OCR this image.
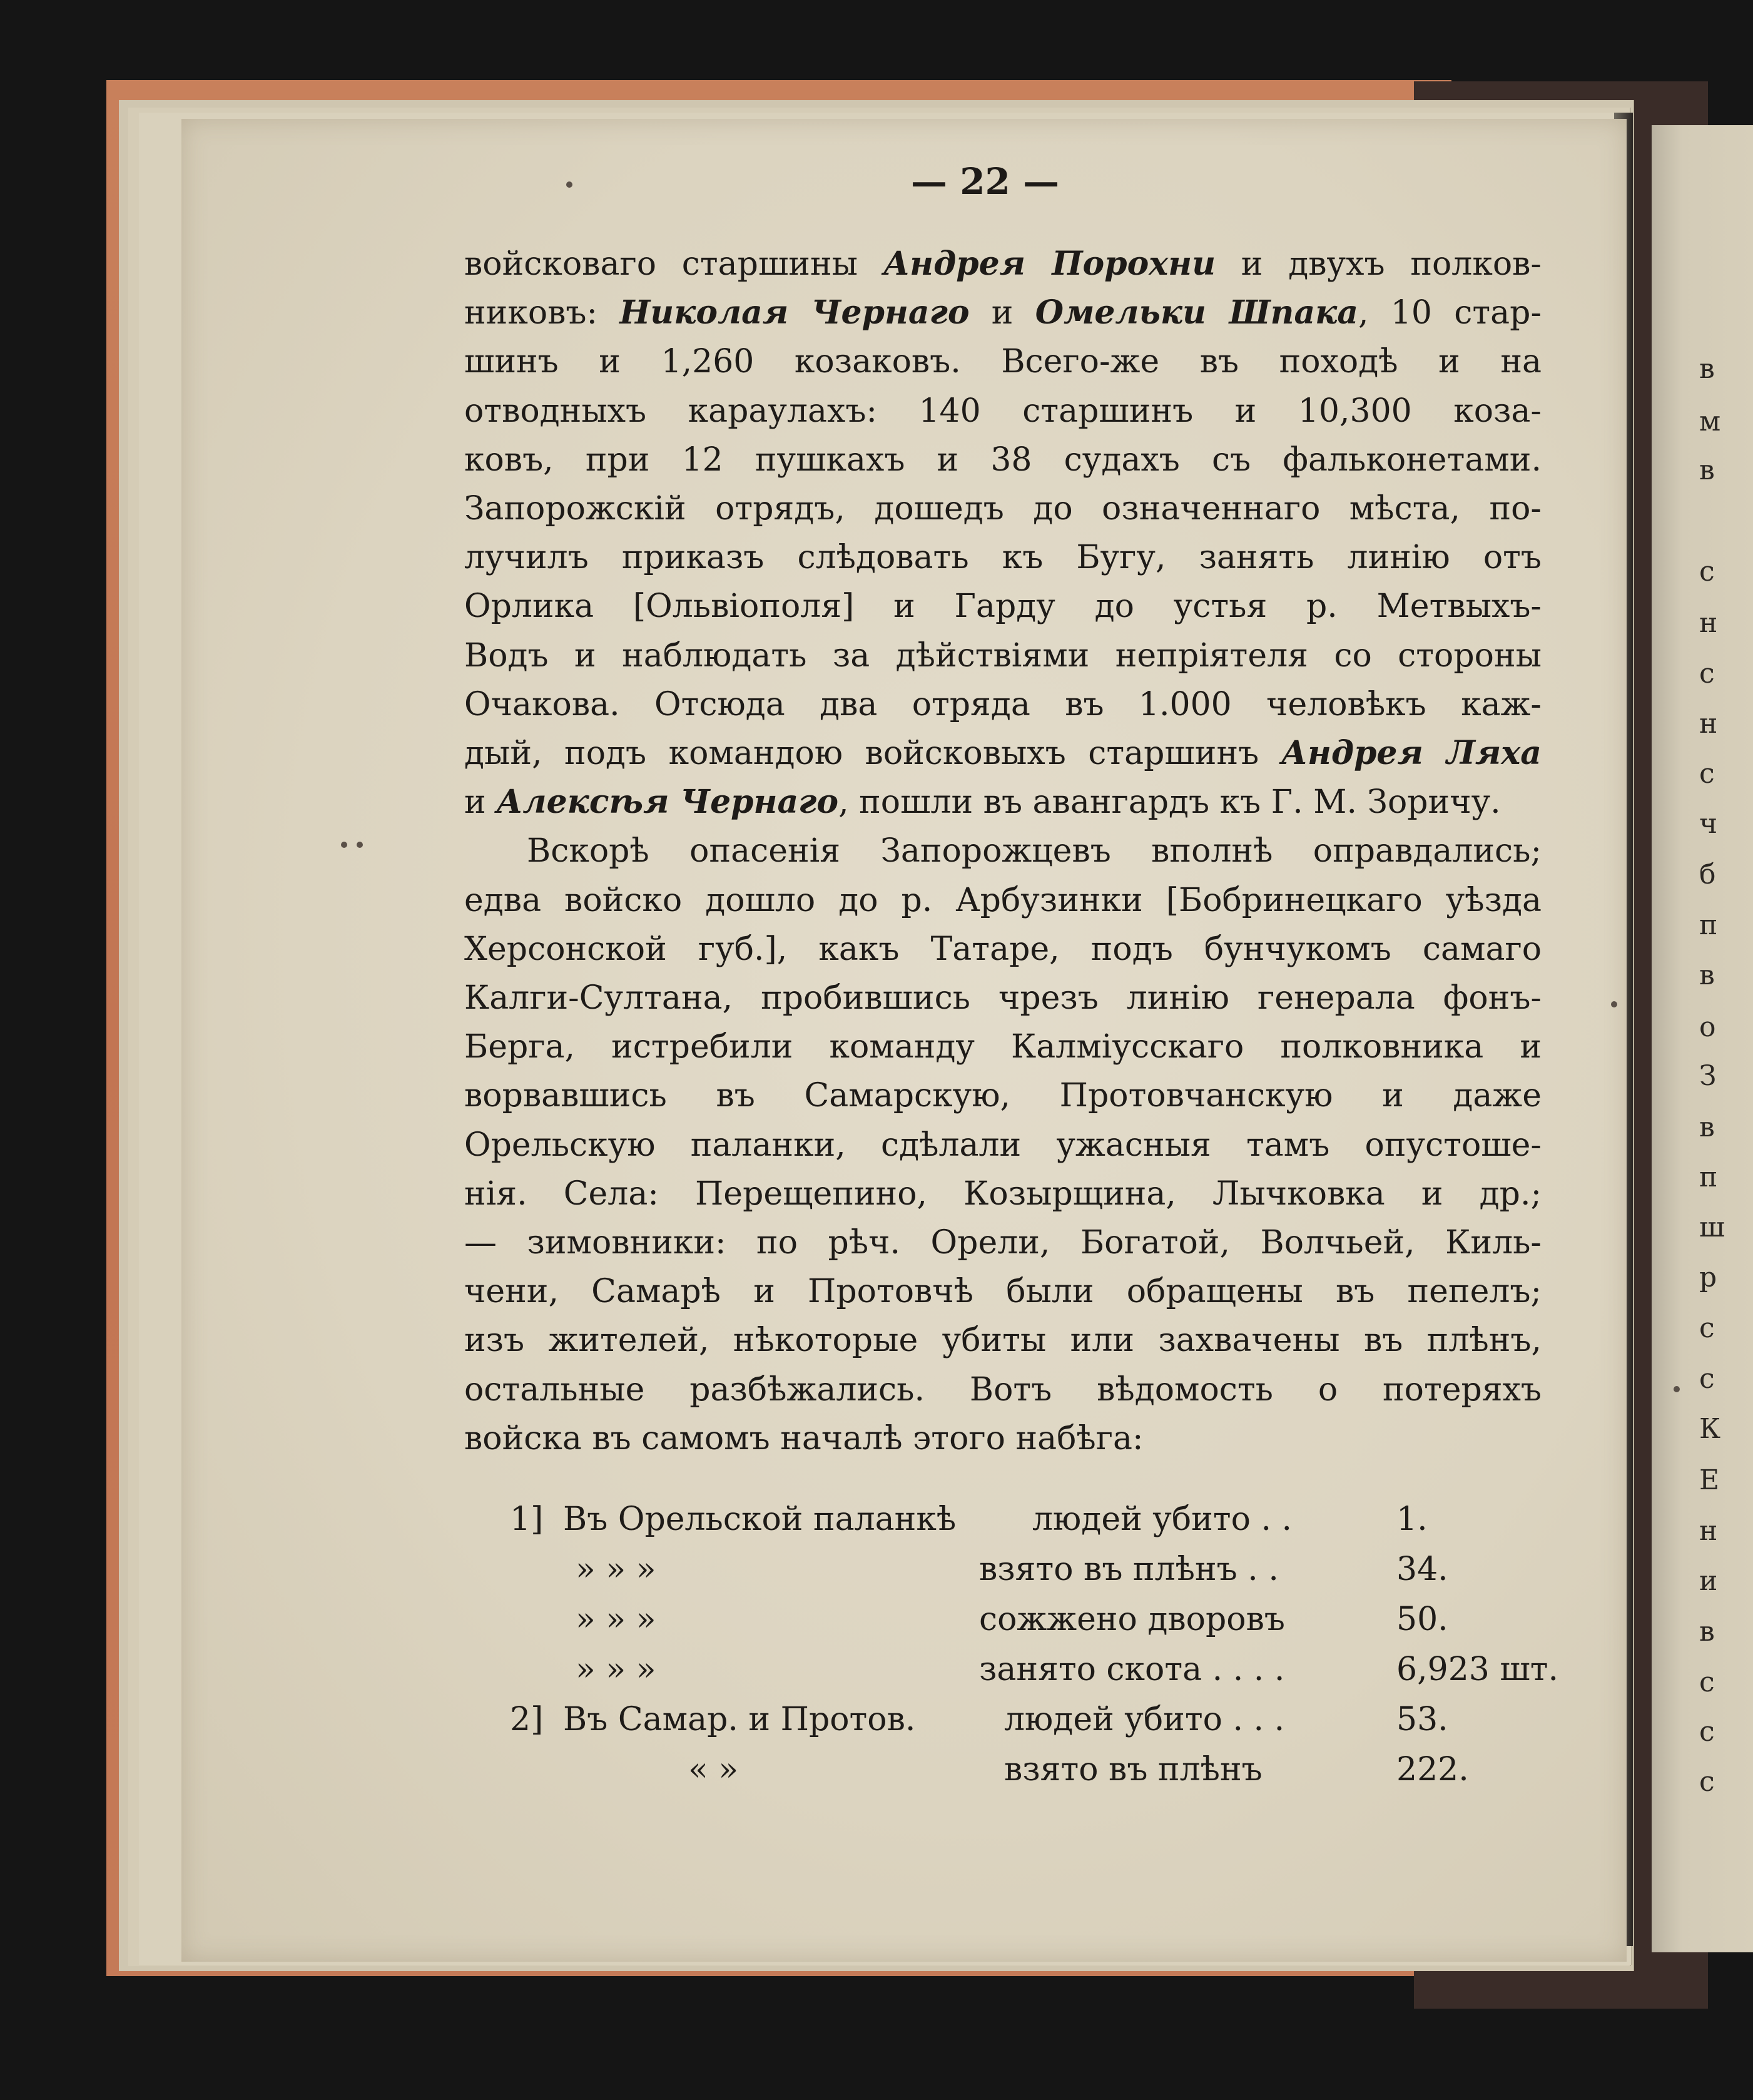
в
м
в
с
н
с
н
с
ч
б
п
в
о
З
в
п
ш
р
с
с
К
Е
н
и
в
с
с
с
— 22 —
войсковаго старшины Андрея Порохни и двухъ полков-
никовъ: Николая Чернаго и Омельки Шпака, 10 стар-
шинъ и 1,260 козаковъ. Всего-же въ походѣ и на
отводныхъ караулахъ: 140 старшинъ и 10,300 коза-
ковъ, при 12 пушкахъ и 38 судахъ съ фальконетами.
Запорожскій отрядъ, дошедъ до означеннаго мѣста, по-
лучилъ приказъ слѣдовать къ Бугу, занять линію отъ
Орлика [Ольвіополя] и Гарду до устья р. Метвыхъ-
Водъ и наблюдать за дѣйствіями непріятеля со стороны
Очакова. Отсюда два отряда въ 1.000 человѣкъ каж-
дый, подъ командою войсковыхъ старшинъ Андрея Ляха
и Алексѣя Чернаго, пошли въ авангардъ къ Г. М. Зоричу.
Вскорѣ опасенія Запорожцевъ вполнѣ оправдались;
едва войско дошло до р. Арбузинки [Бобринецкаго уѣзда
Херсонской губ.], какъ Татаре, подъ бунчукомъ самаго
Калги-Султана, пробившись чрезъ линію генерала фонъ-
Берга, истребили команду Калміусскаго полковника и
ворвавшись въ Самарскую, Протовчанскую и даже
Орельскую паланки, сдѣлали ужасныя тамъ опустоше-
нія. Села: Перещепино, Козырщина, Лычковка и др.;
— зимовники: по рѣч. Орели, Богатой, Волчьей, Киль-
чени, Самарѣ и Протовчѣ были обращены въ пепелъ;
изъ жителей, нѣкоторые убиты или захвачены въ плѣнъ,
остальные разбѣжались. Вотъ вѣдомость о потеряхъ
войска въ самомъ началѣ этого набѣга:
1] Въ Орельской паланкѣ людей убито . .	1.
» » »	взято въ плѣнъ . .	34.
» » »	сожжено дворовъ	50.
» » »	занято скота . . . .	6,923 шт.
2] Въ Самар. и Протов.	людей убито . . .	53.
« »	взято въ плѣнъ	222.
